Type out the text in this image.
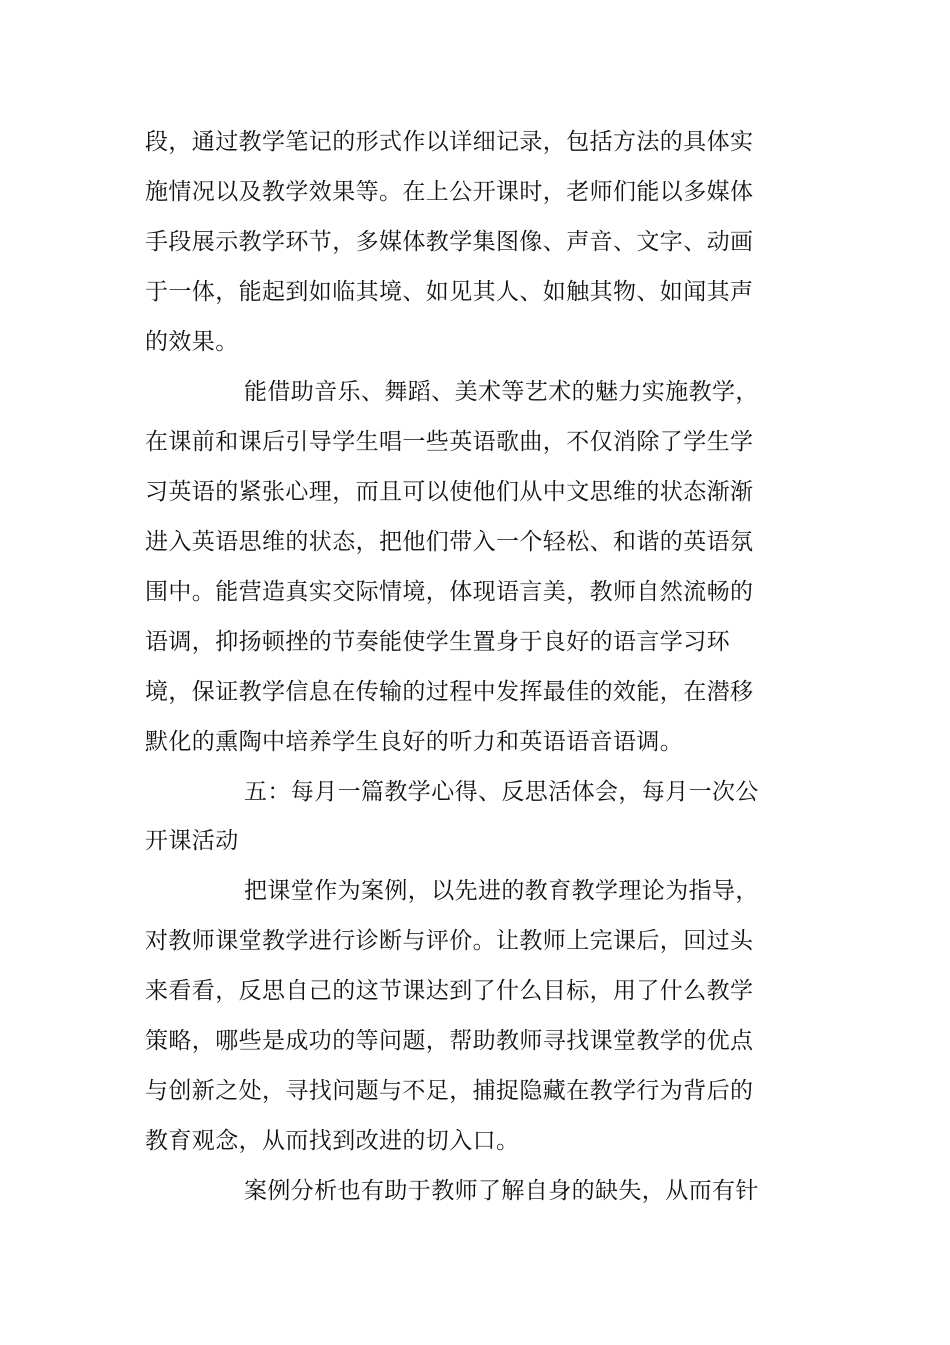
段，通过教学笔记的形式作以详细记录，包括方法的具体实
施情况以及教学效果等。在上公开课时，老师们能以多媒体
手段展示教学环节，多媒体教学集图像、声音、文字、动画
于一体，能起到如临其境、如见其人、如触其物、如闻其声
的效果。
能借助音乐、舞蹈、美术等艺术的魅力实施教学，
在课前和课后引导学生唱一些英语歌曲，不仅消除了学生学
习英语的紧张心理，而且可以使他们从中文思维的状态渐渐
进入英语思维的状态，把他们带入一个轻松、和谐的英语氛
围中。能营造真实交际情境，体现语言美，教师自然流畅的
语调，抑扬顿挫的节奏能使学生置身于良好的语言学习环
境，保证教学信息在传输的过程中发挥最佳的效能，在潜移
默化的熏陶中培养学生良好的听力和英语语音语调。
五：每月一篇教学心得、反思活体会，每月一次公
开课活动
把课堂作为案例，以先进的教育教学理论为指导，
对教师课堂教学进行诊断与评价。让教师上完课后，回过头
来看看，反思自己的这节课达到了什么目标，用了什么教学
策略，哪些是成功的等问题，帮助教师寻找课堂教学的优点
与创新之处，寻找问题与不足，捕捉隐藏在教学行为背后的
教育观念，从而找到改进的切入口。
案例分析也有助于教师了解自身的缺失，从而有针
